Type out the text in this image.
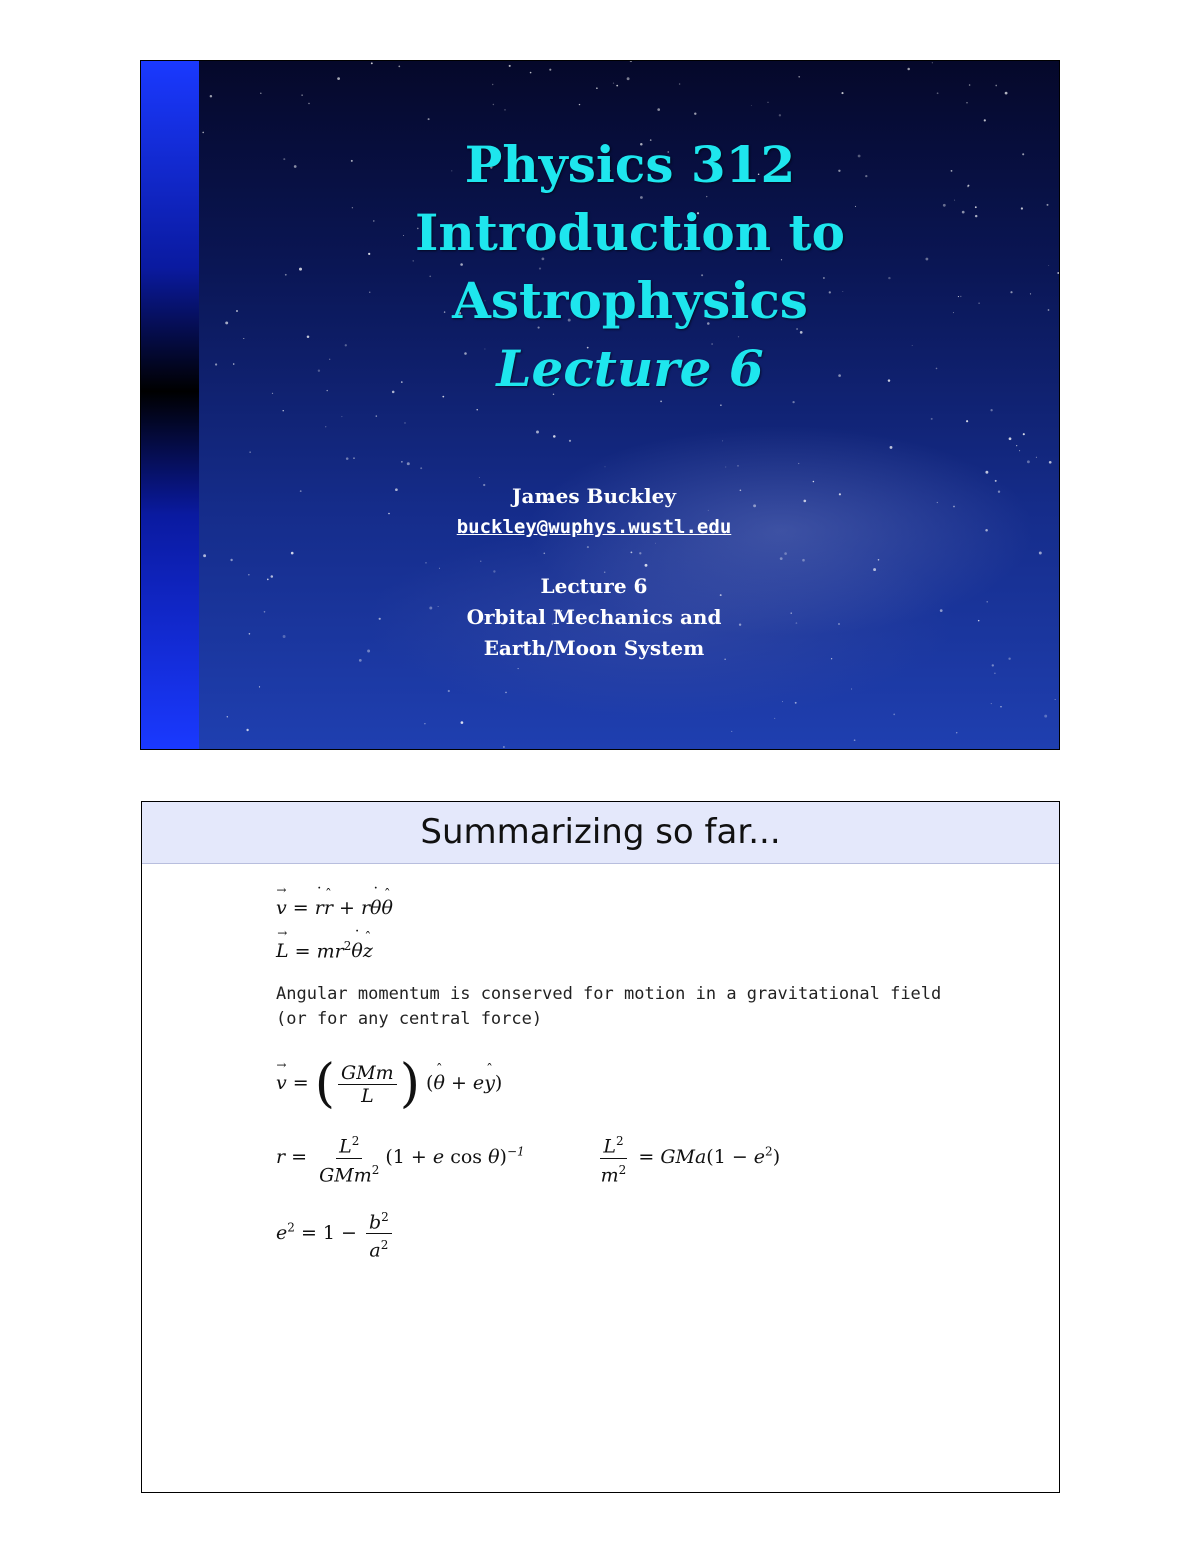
Physics 312
Introduction to
Astrophysics
Lecture 6
James Buckley
buckley@wuphys.wustl.edu
Lecture 6
Orbital Mechanics and
Earth/Moon System
Summarizing so far...
→ v = ˙ rˆ r + r˙ θˆ θ
→ $L = mr^2˙$ θˆ z
Angular momentum is conserved for motion in a gravitational field
(or for any central force)
→ v = ( $\frac{\text{GMm}}{L}$ ) (ˆ θ + eˆ y)
$r = \frac{L^2}{GMm^2} (1 + e$ cos θ)$^{-1}$	$\frac{L^2}{m^2} = GMa(1 - e^2)$
$e^2 = 1 - \frac{b^2}{a^2}$
